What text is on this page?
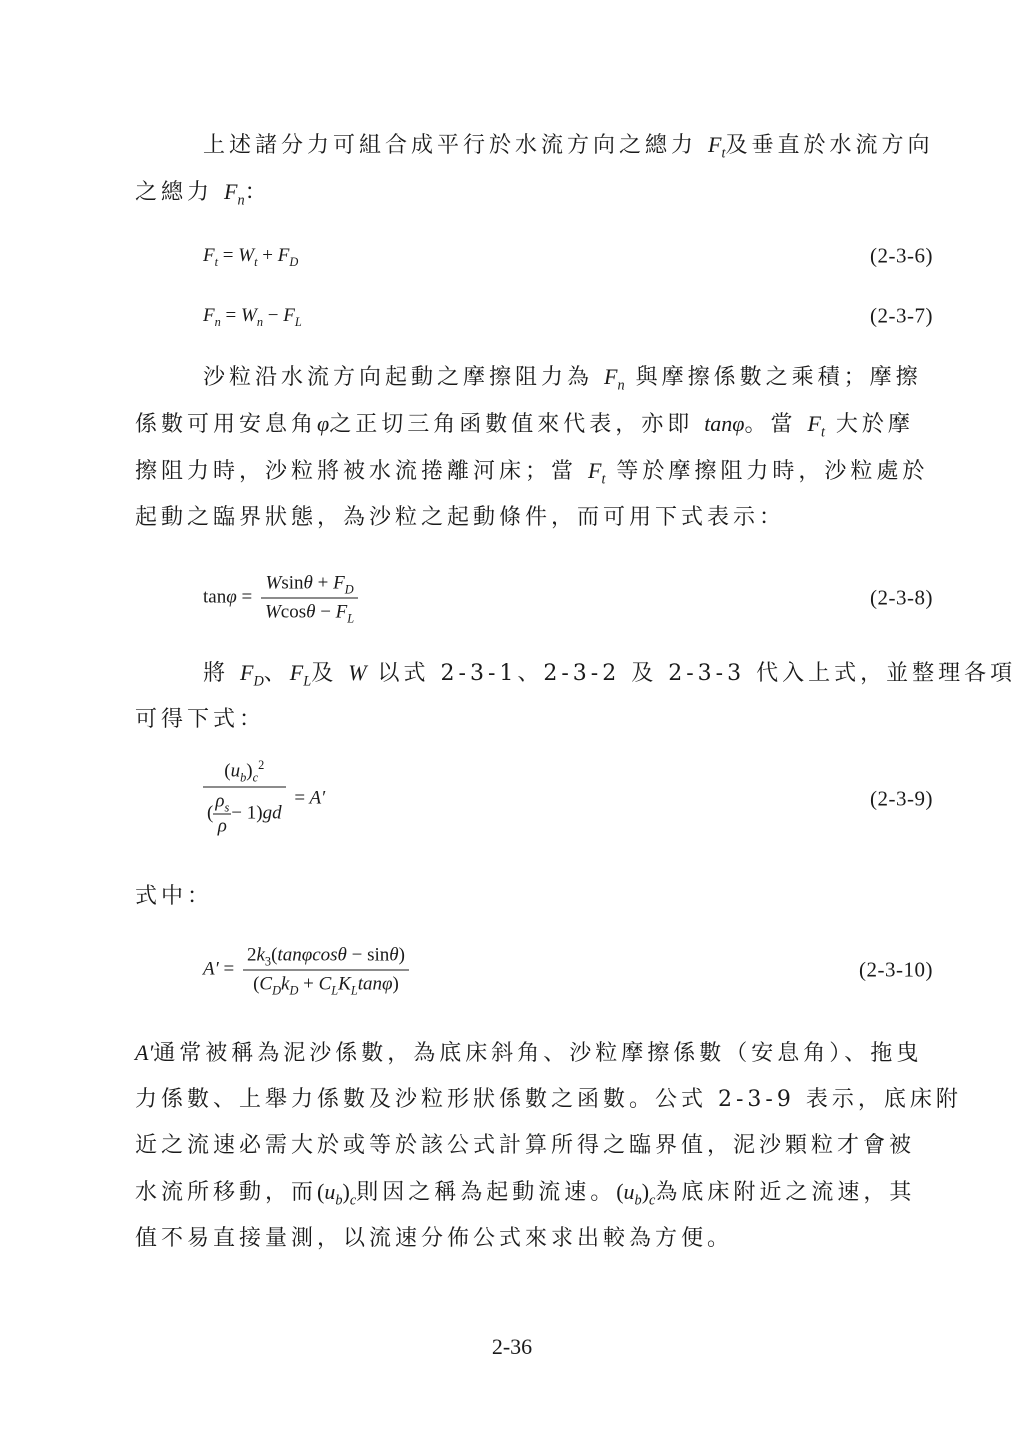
上述諸分力可組合成平行於水流方向之總力 $F_t$及垂直於水流方向
之總力 $F_n$：
$F_t = W_t + F_D$	(2-3-6)
$F_n = W_n - F_L$	(2-3-7)
沙粒沿水流方向起動之摩擦阻力為 $F_n$ 與摩擦係數之乘積；摩擦
係數可用安息角φ之正切三角函數值來代表，亦即 tanφ。當 $F_t$ 大於摩
擦阻力時，沙粒將被水流捲離河床；當 $F_t$ 等於摩擦阻力時，沙粒處於
起動之臨界狀態，為沙粒之起動條件，而可用下式表示：
$\tan\varphi = \frac{Wsin\theta + F_D}{Wcos\theta - F_L}$	(2-3-8)
將 $F_D$、$F_L$及 W 以式 2-3-1、2-3-2 及 2-3-3 代入上式，並整理各項
可得下式：
$\frac{(u_b)_c^2}{( \frac{\rho_s}{\rho} - 1)gd} = A'$	(2-3-9)
式中：
$A' = \frac{2k_3(\tan\varphi\cos\theta - \sin\theta)}{(C_Dk_D + C_LK_L\tan\varphi)}$	(2-3-10)
A′通常被稱為泥沙係數，為底床斜角、沙粒摩擦係數（安息角）、拖曳
力係數、上舉力係數及沙粒形狀係數之函數。公式 2-3-9 表示，底床附
近之流速必需大於或等於該公式計算所得之臨界值，泥沙顆粒才會被
水流所移動，而$(u_b)_c$則因之稱為起動流速。$(u_b)_c$為底床附近之流速，其
值不易直接量測，以流速分佈公式來求出較為方便。
2-36
